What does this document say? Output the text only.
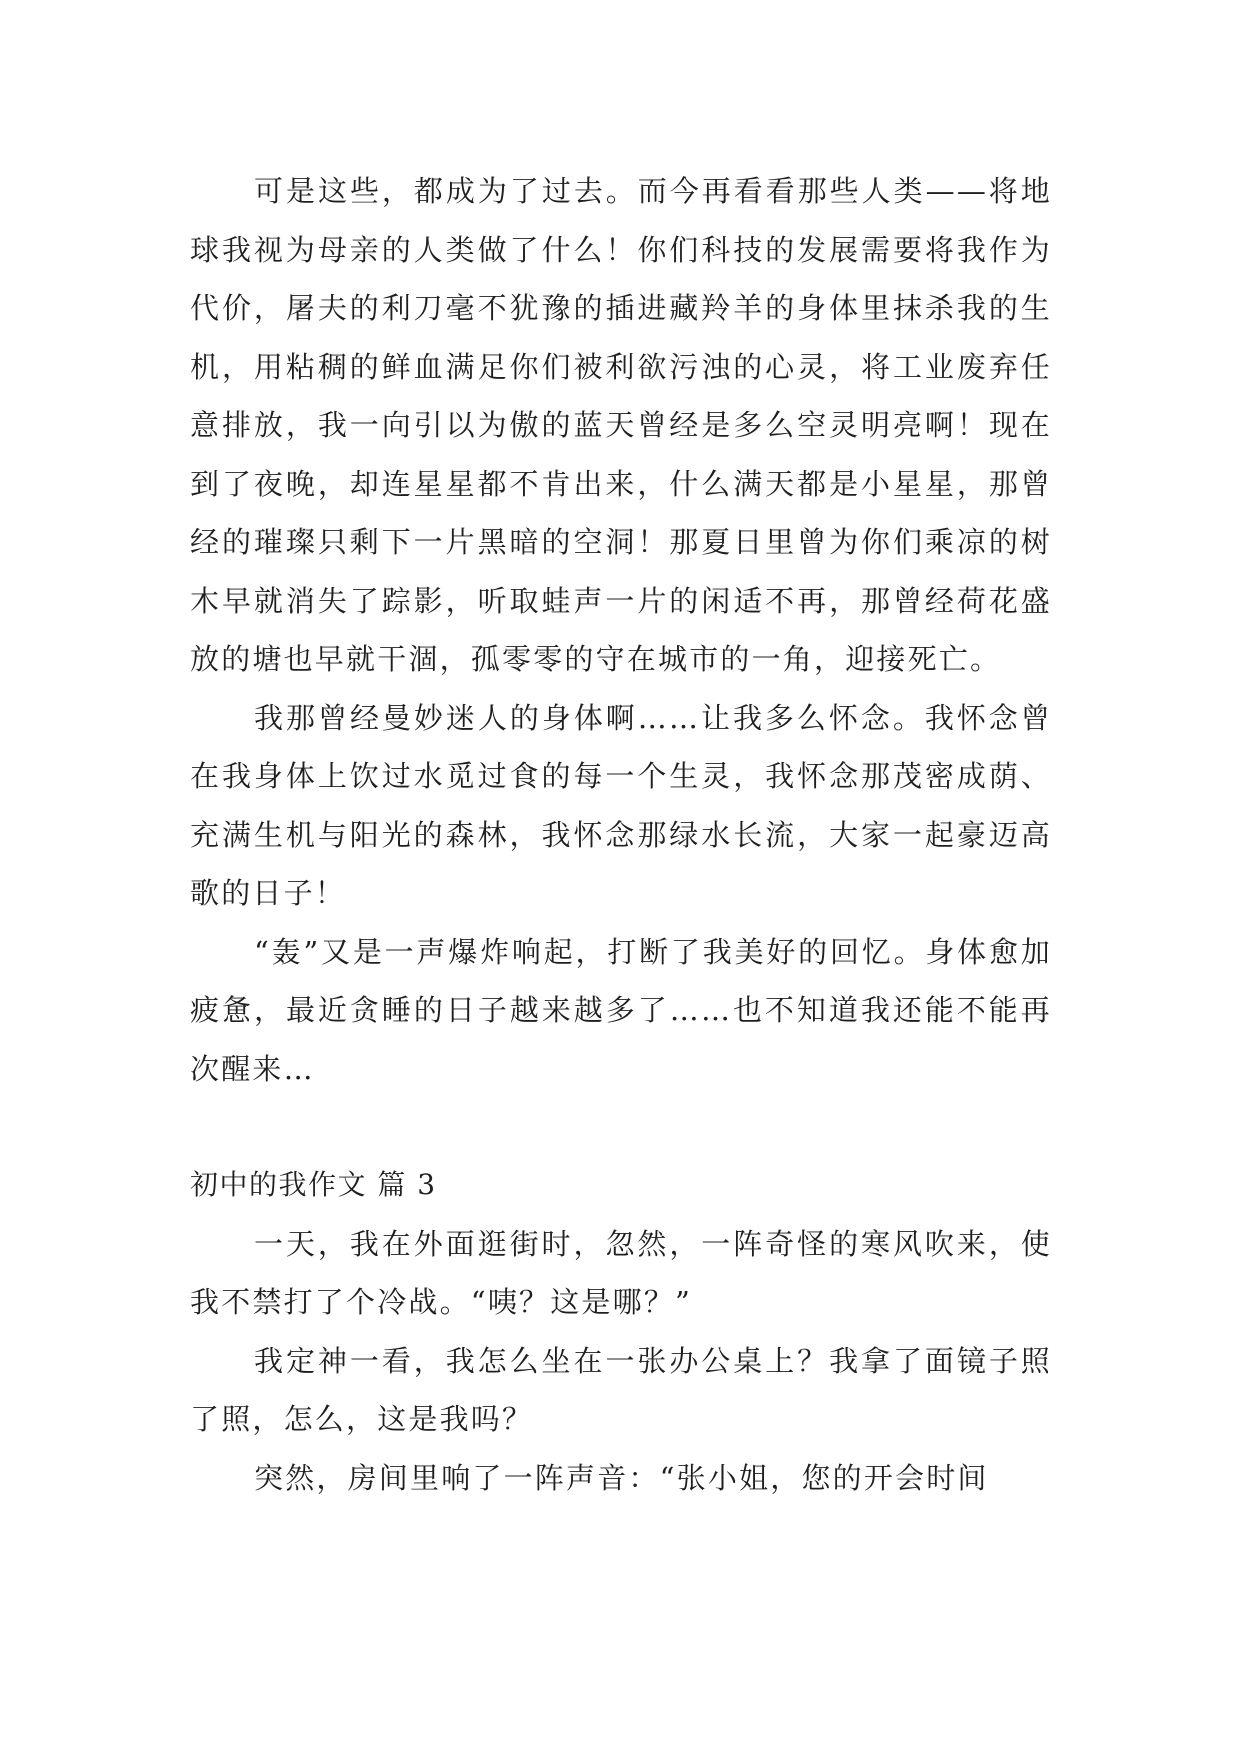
可是这些，都成为了过去。而今再看看那些人类——将地球我视为母亲的人类做了什么！你们科技的发展需要将我作为代价，屠夫的利刀毫不犹豫的插进藏羚羊的身体里抹杀我的生机，用粘稠的鲜血满足你们被利欲污浊的心灵，将工业废弃任意排放，我一向引以为傲的蓝天曾经是多么空灵明亮啊！现在到了夜晚，却连星星都不肯出来，什么满天都是小星星，那曾经的璀璨只剩下一片黑暗的空洞！那夏日里曾为你们乘凉的树木早就消失了踪影，听取蛙声一片的闲适不再，那曾经荷花盛放的塘也早就干涸，孤零零的守在城市的一角，迎接死亡。

我那曾经曼妙迷人的身体啊……让我多么怀念。我怀念曾在我身体上饮过水觅过食的每一个生灵，我怀念那茂密成荫、充满生机与阳光的森林，我怀念那绿水长流，大家一起豪迈高歌的日子！

“轰”又是一声爆炸响起，打断了我美好的回忆。身体愈加疲惫，最近贪睡的日子越来越多了……也不知道我还能不能再次醒来…

初中的我作文 篇 3

一天，我在外面逛街时，忽然，一阵奇怪的寒风吹来，使我不禁打了个冷战。“咦？这是哪？”

我定神一看，我怎么坐在一张办公桌上？我拿了面镜子照了照，怎么，这是我吗？

突然，房间里响了一阵声音：“张小姐，您的开会时间
